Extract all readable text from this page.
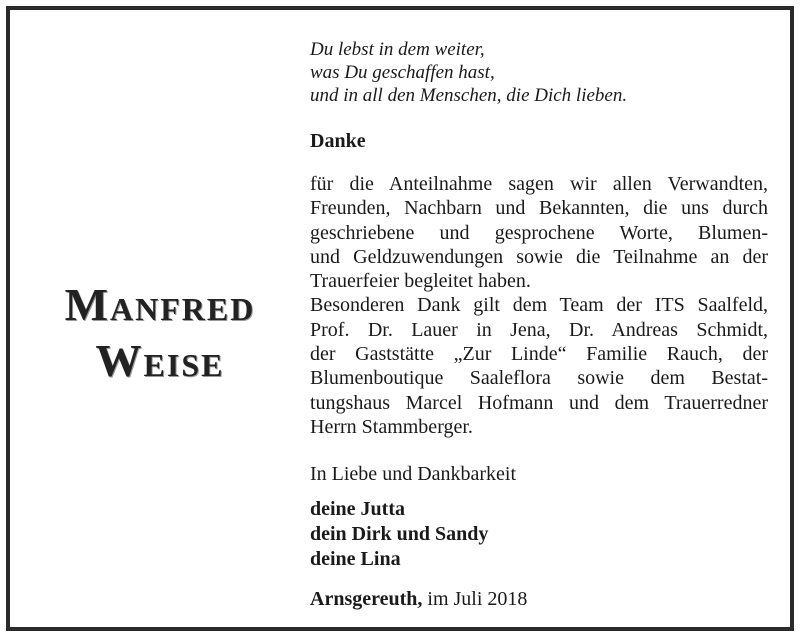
Manfred
Weise
Du lebst in dem weiter,
was Du geschaffen hast,
und in all den Menschen, die Dich lieben.
Danke
für die Anteilnahme sagen wir allen Verwandten,
Freunden, Nachbarn und Bekannten, die uns durch
geschriebene und gesprochene Worte, Blumen-
und Geldzuwendungen sowie die Teilnahme an der
Trauerfeier begleitet haben.
Besonderen Dank gilt dem Team der ITS Saalfeld,
Prof. Dr. Lauer in Jena, Dr. Andreas Schmidt,
der Gaststätte „Zur Linde“ Familie Rauch, der
Blumenboutique Saaleflora sowie dem Bestat-
tungshaus Marcel Hofmann und dem Trauerredner
Herrn Stammberger.
In Liebe und Dankbarkeit
deine Jutta
dein Dirk und Sandy
deine Lina
Arnsgereuth, im Juli 2018
